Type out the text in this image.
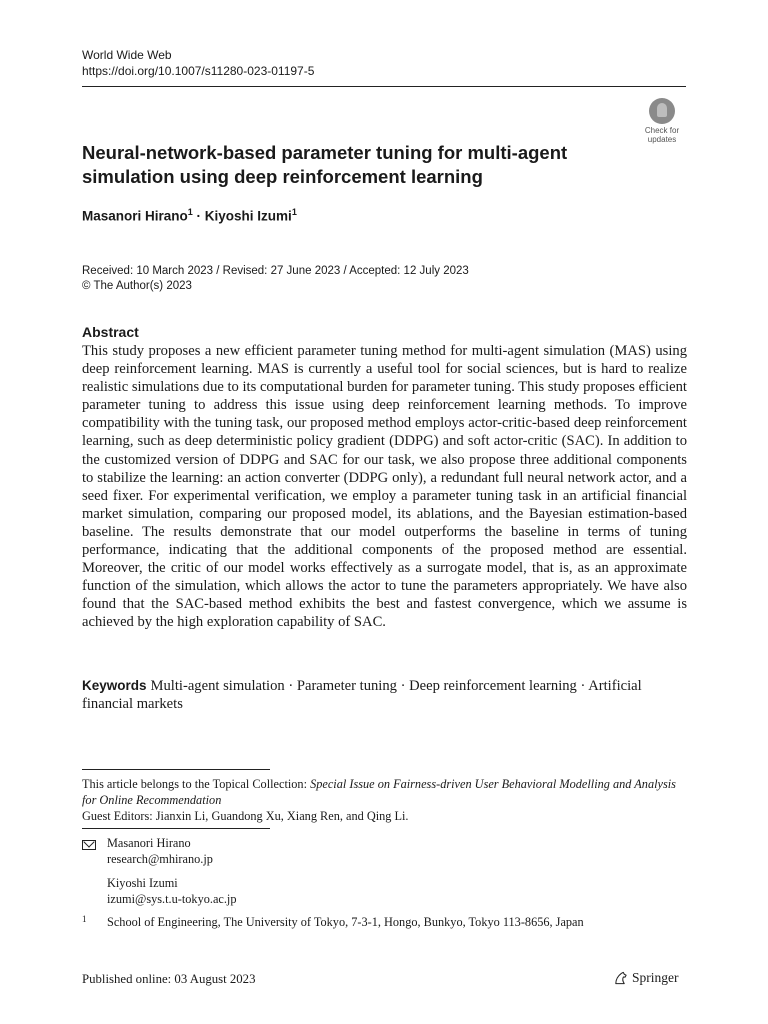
World Wide Web
https://doi.org/10.1007/s11280-023-01197-5
Check for
updates
Neural-network-based parameter tuning for multi-agent simulation using deep reinforcement learning
Masanori Hirano$^1$ · Kiyoshi Izumi$^1$
Received: 10 March 2023 / Revised: 27 June 2023 / Accepted: 12 July 2023
© The Author(s) 2023
Abstract
This study proposes a new efficient parameter tuning method for multi-agent simulation (MAS) using deep reinforcement learning. MAS is currently a useful tool for social sciences, but is hard to realize realistic simulations due to its computational burden for parameter tuning. This study proposes efficient parameter tuning to address this issue using deep reinforcement learning methods. To improve compatibility with the tuning task, our proposed method employs actor-critic-based deep reinforcement learning, such as deep deterministic policy gradient (DDPG) and soft actor-critic (SAC). In addition to the customized version of DDPG and SAC for our task, we also propose three additional components to stabilize the learning: an action converter (DDPG only), a redundant full neural network actor, and a seed fixer. For experimental verification, we employ a parameter tuning task in an artificial financial market simulation, comparing our proposed model, its ablations, and the Bayesian estimation-based baseline. The results demonstrate that our model outperforms the baseline in terms of tuning performance, indicating that the additional components of the proposed method are essential. Moreover, the critic of our model works effectively as a surrogate model, that is, as an approximate function of the simulation, which allows the actor to tune the parameters appropriately. We have also found that the SAC-based method exhibits the best and fastest convergence, which we assume is achieved by the high exploration capability of SAC.
Keywords Multi-agent simulation · Parameter tuning · Deep reinforcement learning · Artificial financial markets
This article belongs to the Topical Collection: Special Issue on Fairness-driven User Behavioral Modelling and Analysis for Online Recommendation
Guest Editors: Jianxin Li, Guandong Xu, Xiang Ren, and Qing Li.
Masanori Hirano
research@mhirano.jp
Kiyoshi Izumi
izumi@sys.t.u-tokyo.ac.jp
1 School of Engineering, The University of Tokyo, 7-3-1, Hongo, Bunkyo, Tokyo 113-8656, Japan
Published online: 03 August 2023	Springer
